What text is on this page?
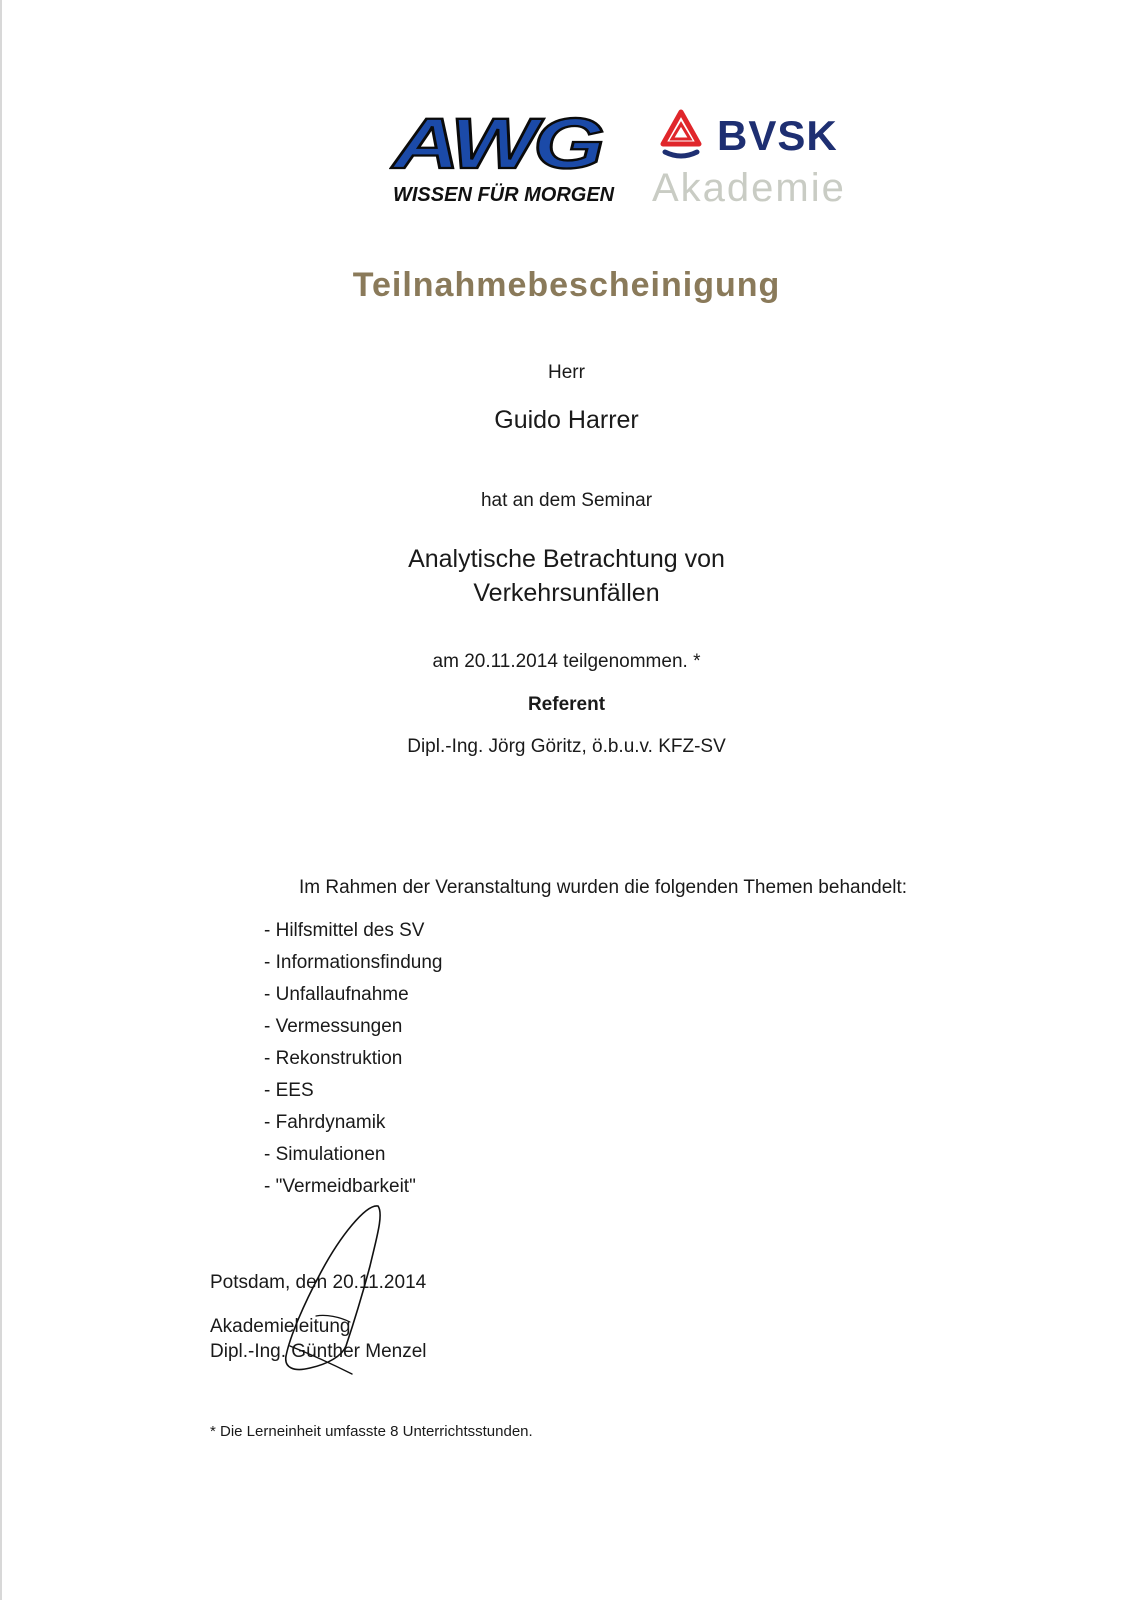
AWG
WISSEN FÜR MORGEN
BVSK
Akademie
Teilnahmebescheinigung
Herr
Guido Harrer
hat an dem Seminar
Analytische Betrachtung von
Verkehrsunfällen
am 20.11.2014 teilgenommen. *
Referent
Dipl.-Ing. Jörg Göritz, ö.b.u.v. KFZ-SV
Im Rahmen der Veranstaltung wurden die folgenden Themen behandelt:
- Hilfsmittel des SV
- Informationsfindung
- Unfallaufnahme
- Vermessungen
- Rekonstruktion
- EES
- Fahrdynamik
- Simulationen
- "Vermeidbarkeit"
Potsdam, den 20.11.2014
Akademieleitung
Dipl.-Ing. Günther Menzel
* Die Lerneinheit umfasste 8 Unterrichtsstunden.
